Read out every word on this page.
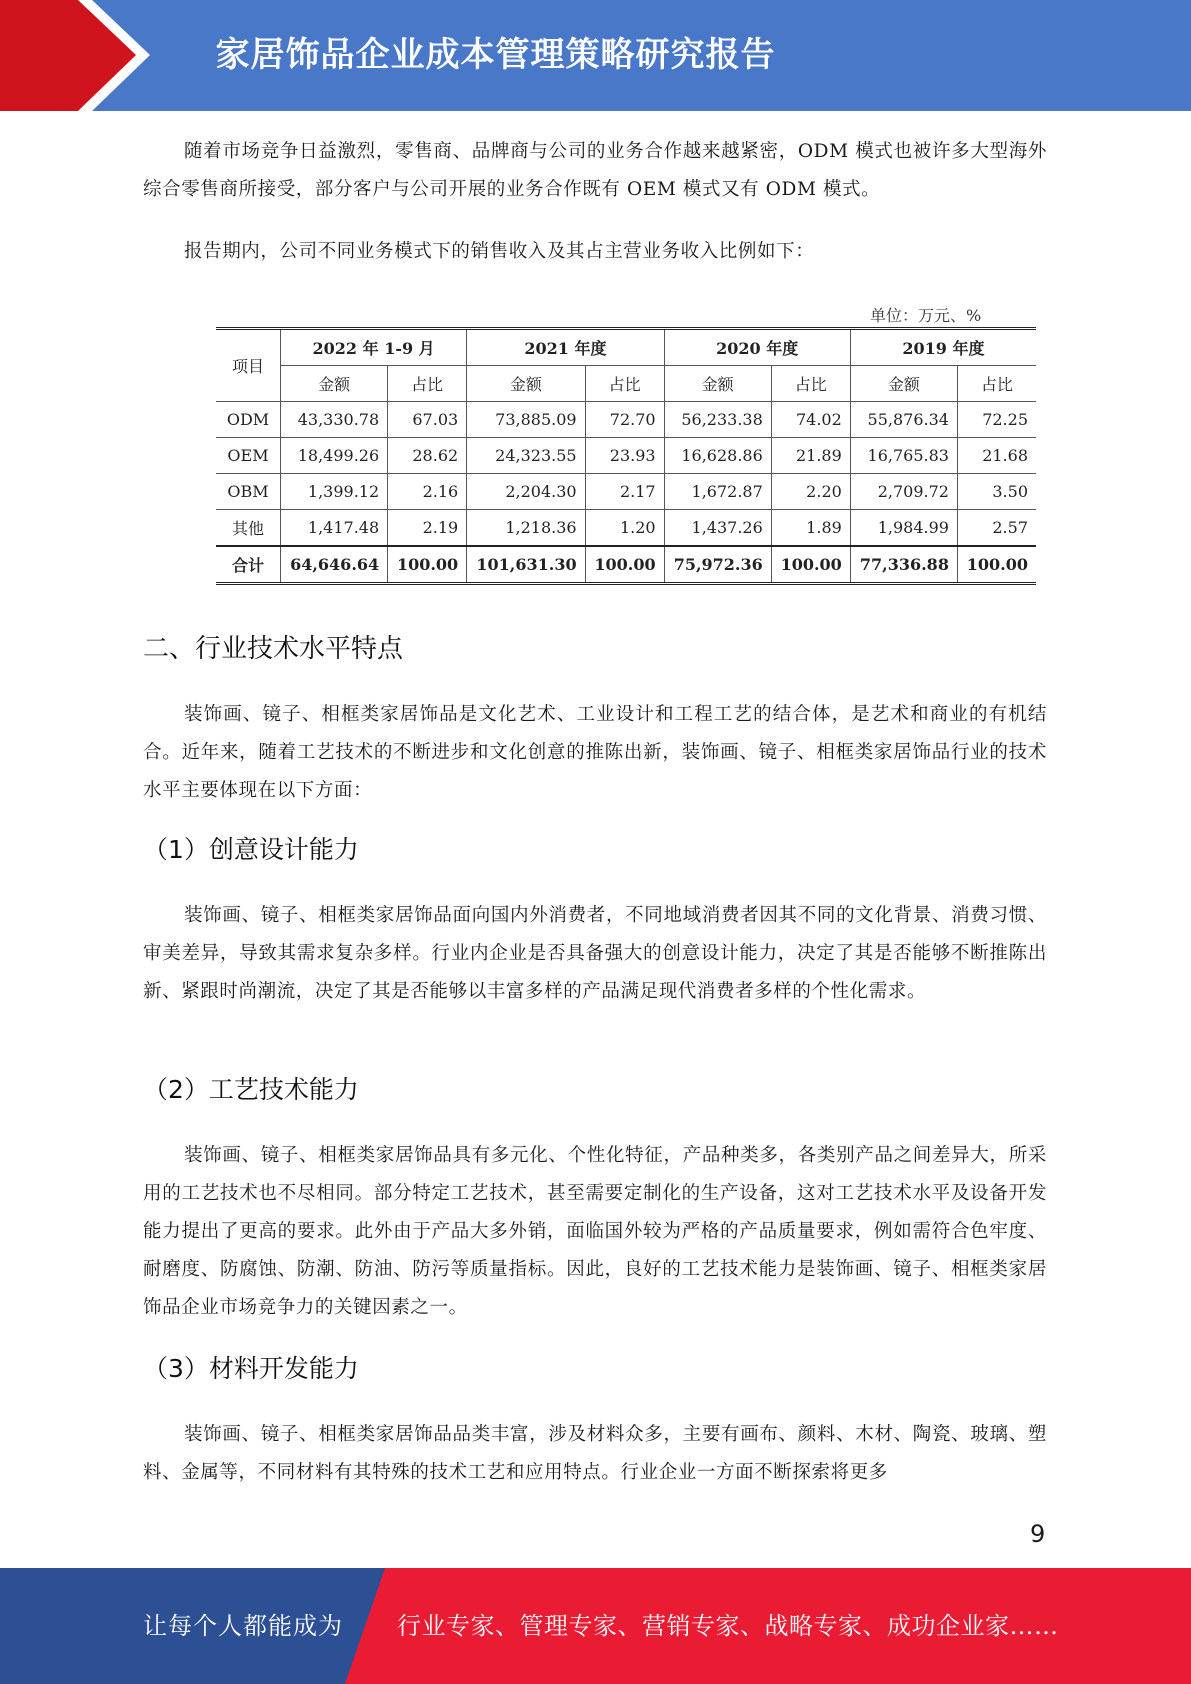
家居饰品企业成本管理策略研究报告

随着市场竞争日益激烈，零售商、品牌商与公司的业务合作越来越紧密，ODM 模式也被许多大型海外综合零售商所接受，部分客户与公司开展的业务合作既有 OEM 模式又有 ODM 模式。

报告期内，公司不同业务模式下的销售收入及其占主营业务收入比例如下：

单位：万元、%
项目	2022 年 1-9 月		2021 年度		2020 年度		2019 年度	
	金额	占比	金额	占比	金额	占比	金额	占比
ODM	43,330.78	67.03	73,885.09	72.70	56,233.38	74.02	55,876.34	72.25
OEM	18,499.26	28.62	24,323.55	23.93	16,628.86	21.89	16,765.83	21.68
OBM	1,399.12	2.16	2,204.30	2.17	1,672.87	2.20	2,709.72	3.50
其他	1,417.48	2.19	1,218.36	1.20	1,437.26	1.89	1,984.99	2.57
合计	64,646.64	100.00	101,631.30	100.00	75,972.36	100.00	77,336.88	100.00
二、行业技术水平特点

装饰画、镜子、相框类家居饰品是文化艺术、工业设计和工程工艺的结合体，是艺术和商业的有机结合。近年来，随着工艺技术的不断进步和文化创意的推陈出新，装饰画、镜子、相框类家居饰品行业的技术水平主要体现在以下方面：

（1）创意设计能力

装饰画、镜子、相框类家居饰品面向国内外消费者，不同地域消费者因其不同的文化背景、消费习惯、审美差异，导致其需求复杂多样。行业内企业是否具备强大的创意设计能力，决定了其是否能够不断推陈出新、紧跟时尚潮流，决定了其是否能够以丰富多样的产品满足现代消费者多样的个性化需求。

（2）工艺技术能力

装饰画、镜子、相框类家居饰品具有多元化、个性化特征，产品种类多，各类别产品之间差异大，所采用的工艺技术也不尽相同。部分特定工艺技术，甚至需要定制化的生产设备，这对工艺技术水平及设备开发能力提出了更高的要求。此外由于产品大多外销，面临国外较为严格的产品质量要求，例如需符合色牢度、耐磨度、防腐蚀、防潮、防油、防污等质量指标。因此，良好的工艺技术能力是装饰画、镜子、相框类家居饰品企业市场竞争力的关键因素之一。

（3）材料开发能力

装饰画、镜子、相框类家居饰品品类丰富，涉及材料众多，主要有画布、颜料、木材、陶瓷、玻璃、塑料、金属等，不同材料有其特殊的技术工艺和应用特点。行业企业一方面不断探索将更多

9
让每个人都能成为 行业专家、管理专家、营销专家、战略专家、成功企业家……
